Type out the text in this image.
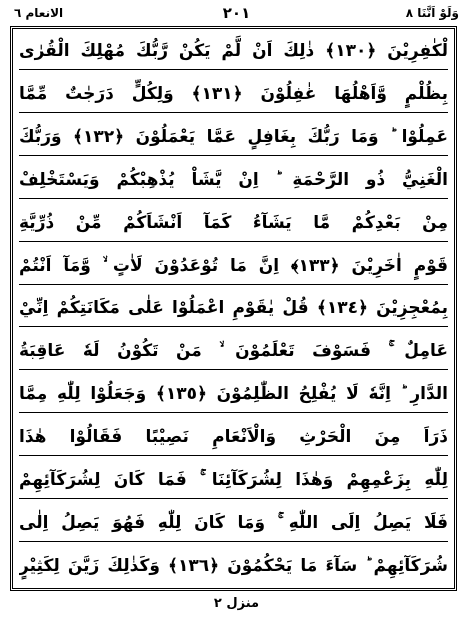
وَلَوْ اَنَّنَا ٨
٢٠١
الانعام ٦
لْكٰفِرِيْنَ ﴿١٣٠﴾ ذٰلِكَ اَنْ لَّمْ يَكُنْ رَّبُّكَ مُهْلِكَ الْقُرٰى
بِظُلْمٍ وَّاَهْلُهَا غٰفِلُوْنَ ﴿١٣١﴾ وَلِكُلٍّ دَرَجٰتٌ مِّمَّا
عَمِلُوْا ؕ وَمَا رَبُّكَ بِغَافِلٍ عَمَّا يَعْمَلُوْنَ ﴿١٣٢﴾ وَرَبُّكَ
الْغَنِيُّ ذُو الرَّحْمَةِ ؕ اِنْ يَّشَاْ يُذْهِبْكُمْ وَيَسْتَخْلِفْ
مِنْ بَعْدِكُمْ مَّا يَشَآءُ كَمَآ اَنْشَاَكُمْ مِّنْ ذُرِّيَّةِ
قَوْمٍ اٰخَرِيْنَ ﴿١٣٣﴾ اِنَّ مَا تُوْعَدُوْنَ لَاٰتٍ ۙ وَّمَآ اَنْتُمْ
بِمُعْجِزِيْنَ ﴿١٣٤﴾ قُلْ يٰقَوْمِ اعْمَلُوْا عَلٰى مَكَانَتِكُمْ اِنِّيْ
عَامِلٌ ۚ فَسَوْفَ تَعْلَمُوْنَ ۙ مَنْ تَكُوْنُ لَهٗ عَاقِبَةُ
الدَّارِ ؕ اِنَّهٗ لَا يُفْلِحُ الظّٰلِمُوْنَ ﴿١٣٥﴾ وَجَعَلُوْا لِلّٰهِ مِمَّا
ذَرَاَ مِنَ الْحَرْثِ وَالْاَنْعَامِ نَصِيْبًا فَقَالُوْا هٰذَا
لِلّٰهِ بِزَعْمِهِمْ وَهٰذَا لِشُرَكَآئِنَا ۚ فَمَا كَانَ لِشُرَكَآئِهِمْ
فَلَا يَصِلُ اِلَى اللّٰهِ ۚ وَمَا كَانَ لِلّٰهِ فَهُوَ يَصِلُ اِلٰى
شُرَكَآئِهِمْ ؕ سَآءَ مَا يَحْكُمُوْنَ ﴿١٣٦﴾ وَكَذٰلِكَ زَيَّنَ لِكَثِيْرٍ
منزل ٢
